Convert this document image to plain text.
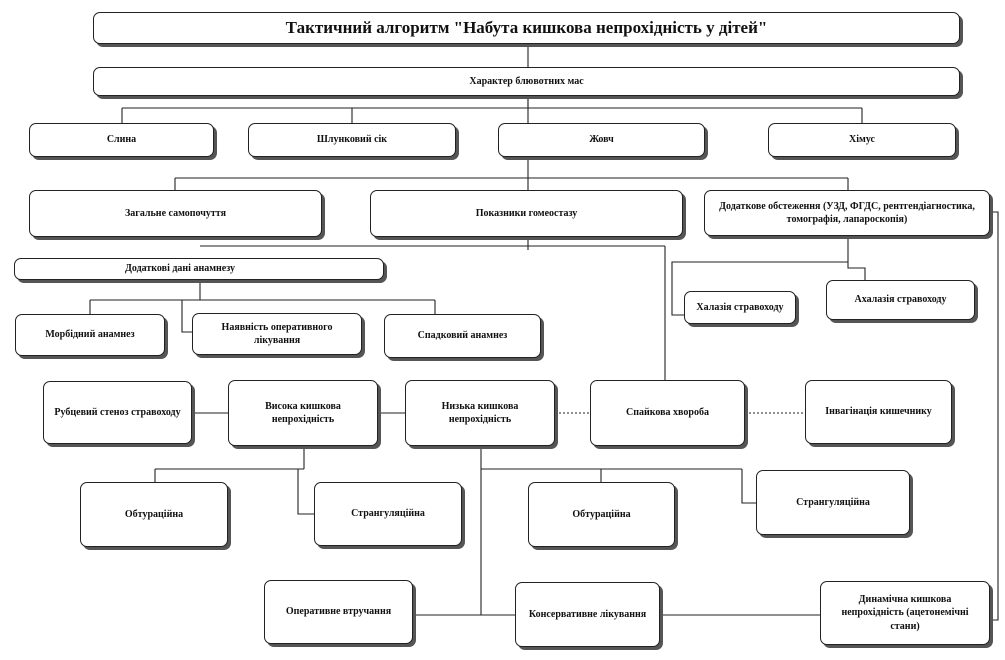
Тактичний алгоритм "Набута кишкова непрохідність у дітей"
Характер блювотних мас
Слина	Шлунковий сік	Жовч	Хімус
Загальне самопочуття	Показники гомеостазу
Додаткове обстеження (УЗД, ФГДС, рентгендіагностика, томографія, лапароскопія)
Додаткові дані анамнезу
Морбідний анамнез
Наявність оперативного лікування	Спадковий анамнез
Халазія стравоходу
Ахалазія стравоходу
Рубцевий стеноз стравоходу
Висока кишкова непрохідність
Низька кишкова непрохідність
Спайкова хвороба	Інвагінація кишечнику
Обтураційна	Странгуляційна	Обтураційна
Странгуляційна
Оперативне втручання	Консервативне лікування
Динамічна кишкова непрохідність (ацетонемічні стани)
